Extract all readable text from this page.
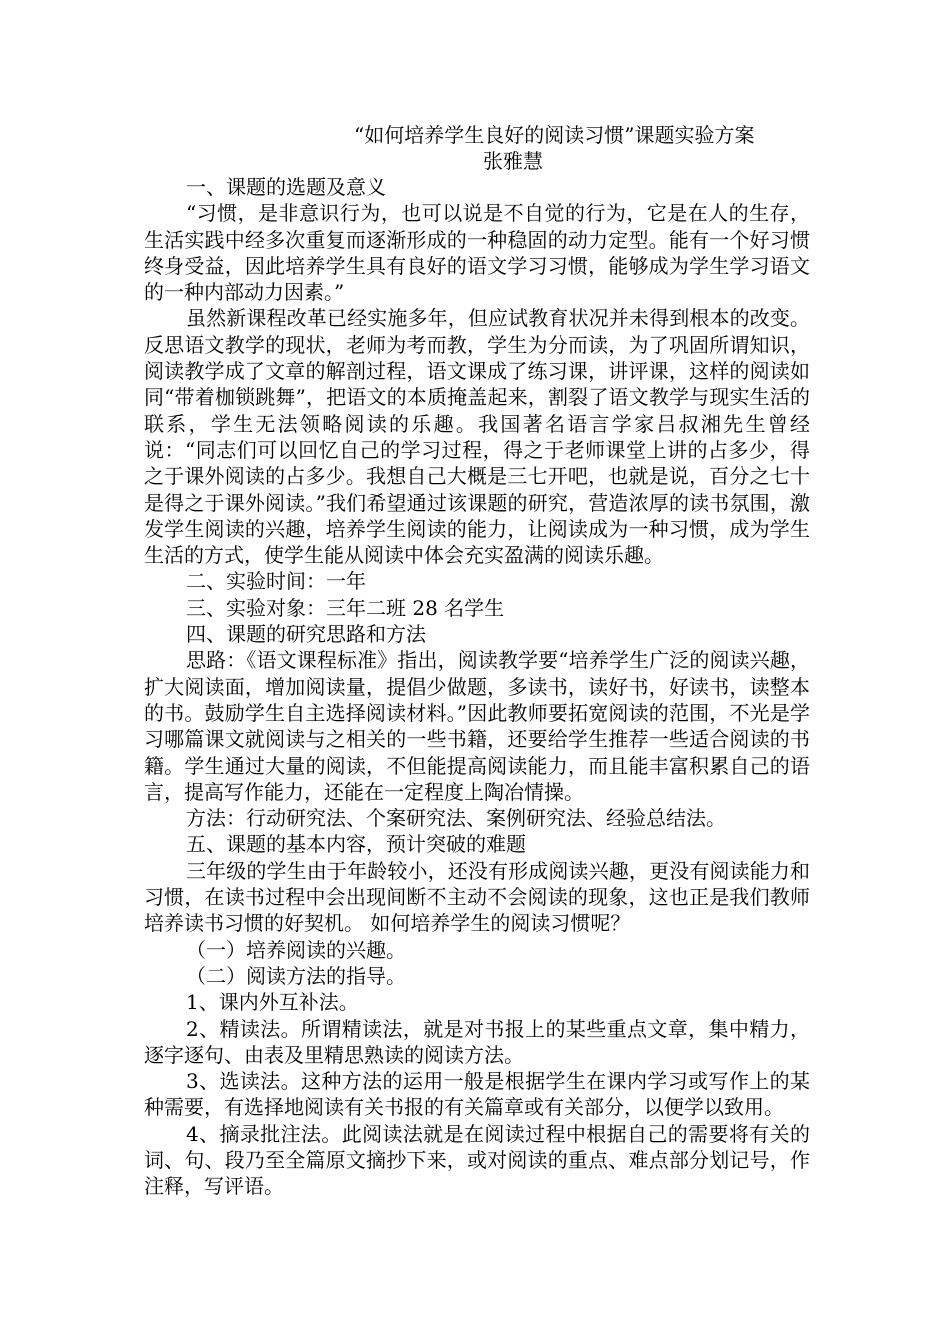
“如何培养学生良好的阅读习惯”课题实验方案

张雅慧

一、课题的选题及意义

“习惯，是非意识行为，也可以说是不自觉的行为，它是在人的生存，生活实践中经多次重复而逐渐形成的一种稳固的动力定型。能有一个好习惯终身受益，因此培养学生具有良好的语文学习习惯，能够成为学生学习语文的一种内部动力因素。”

虽然新课程改革已经实施多年，但应试教育状况并未得到根本的改变。反思语文教学的现状，老师为考而教，学生为分而读，为了巩固所谓知识，阅读教学成了文章的解剖过程，语文课成了练习课，讲评课，这样的阅读如同“带着枷锁跳舞”，把语文的本质掩盖起来，割裂了语文教学与现实生活的联系，学生无法领略阅读的乐趣。我国著名语言学家吕叔湘先生曾经说：“同志们可以回忆自己的学习过程，得之于老师课堂上讲的占多少，得之于课外阅读的占多少。我想自己大概是三七开吧，也就是说，百分之七十是得之于课外阅读。”我们希望通过该课题的研究，营造浓厚的读书氛围，激发学生阅读的兴趣，培养学生阅读的能力，让阅读成为一种习惯，成为学生生活的方式，使学生能从阅读中体会充实盈满的阅读乐趣。

二、实验时间：一年

三、实验对象：三年二班 28 名学生

四、课题的研究思路和方法

思路：《语文课程标准》指出，阅读教学要“培养学生广泛的阅读兴趣，扩大阅读面，增加阅读量，提倡少做题，多读书，读好书，好读书，读整本的书。鼓励学生自主选择阅读材料。”因此教师要拓宽阅读的范围，不光是学习哪篇课文就阅读与之相关的一些书籍，还要给学生推荐一些适合阅读的书籍。学生通过大量的阅读，不但能提高阅读能力，而且能丰富积累自己的语言，提高写作能力，还能在一定程度上陶冶情操。

方法：行动研究法、个案研究法、案例研究法、经验总结法。

五、课题的基本内容，预计突破的难题

三年级的学生由于年龄较小，还没有形成阅读兴趣，更没有阅读能力和习惯，在读书过程中会出现间断不主动不会阅读的现象，这也正是我们教师培养读书习惯的好契机。 如何培养学生的阅读习惯呢？

（一）培养阅读的兴趣。

（二）阅读方法的指导。

1、课内外互补法。

2、精读法。所谓精读法，就是对书报上的某些重点文章，集中精力，逐字逐句、由表及里精思熟读的阅读方法。

3、选读法。这种方法的运用一般是根据学生在课内学习或写作上的某种需要，有选择地阅读有关书报的有关篇章或有关部分，以便学以致用。

4、摘录批注法。此阅读法就是在阅读过程中根据自己的需要将有关的词、句、段乃至全篇原文摘抄下来，或对阅读的重点、难点部分划记号，作注释，写评语。
